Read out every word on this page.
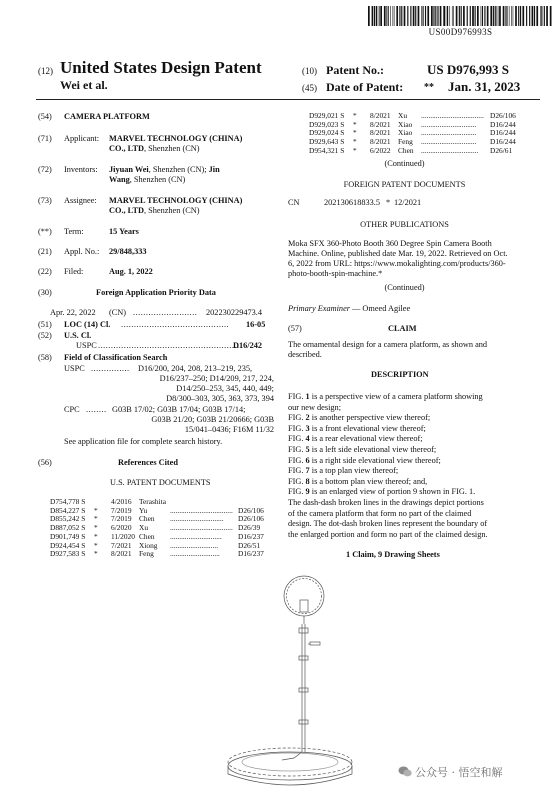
US00D976993S
(12) United States Design Patent
Wei et al.
(10) Patent No.:	US D976,993 S
(45) Date of Patent: ** Jan. 31, 2023
(54) CAMERA PLATFORM
(71) Applicant: MARVEL TECHNOLOGY (CHINA)
CO., LTD, Shenzhen (CN)
(72) Inventors: Jiyuan Wei, Shenzhen (CN); Jin
Wang, Shenzhen (CN)
(73) Assignee: MARVEL TECHNOLOGY (CHINA)
CO., LTD, Shenzhen (CN)
(**) Term:	15 Years
(21) Appl. No.: 29/848,333
(22) Filed:	Aug. 1, 2022
(30)	Foreign Application Priority Data
Apr. 22, 2022 (CN) ......................... 202230229473.4
(51) LOC (14) Cl. .......................................... 16-05
(52) U.S. Cl.
USPC .......................................................
D16/242
(58) Field of Classification Search
USPC ............... D16/200, 204, 208, 213–219, 235,
D16/237–250; D14/209, 217, 224,
D14/250–253, 345, 440, 449;
D8/300–303, 305, 363, 373, 394
CPC ........ G03B 17/02; G03B 17/04; G03B 17/14;
G03B 21/20; G03B 21/20666; G03B
15/041–0436; F16M 11/32
See application file for complete search history.
(56)	References Cited
U.S. PATENT DOCUMENTS
D754,778 S	4/2016 Terashita
D854,227 S * 7/2019 Yu	.................................. D26/106
D855,242 S * 7/2019 Chen ............................. D26/106
D887,052 S * 6/2020 Xu	.................................. D26/39
D901,749 S * 11/2020 Chen ............................ D16/237
D924,454 S * 7/2021 Xiong ..........................	D26/51
D927,583 S * 8/2021 Feng ........................... D16/237
D929,021 S * 8/2021 Xu .................................. D26/106
D929,023 S * 8/2021 Xiao .............................. D16/244
D929,024 S * 8/2021 Xiao .............................. D16/244
D929,643 S * 8/2021 Feng .............................. D16/244
D954,321 S * 6/2022 Chen ............................... D26/61
(Continued)
FOREIGN PATENT DOCUMENTS
CN	202130618833.5 * 12/2021
OTHER PUBLICATIONS
Moka SFX 360-Photo Booth 360 Degree Spin Camera Booth
Machine. Online, published date Mar. 19, 2022. Retrieved on Oct.
6, 2022 from URL: https://www.mokalighting.com/products/360-
photo-booth-spin-machine.*
(Continued)
Primary Examiner — Omeed Agilee
(57)	CLAIM
The ornamental design for a camera platform, as shown and
described.
DESCRIPTION
FIG. 1 is a perspective view of a camera platform showing
our new design;
FIG. 2 is another perspective view thereof;
FIG. 3 is a front elevational view thereof;
FIG. 4 is a rear elevational view thereof;
FIG. 5 is a left side elevational view thereof;
FIG. 6 is a right side elevational view thereof;
FIG. 7 is a top plan view thereof;
FIG. 8 is a bottom plan view thereof; and,
FIG. 9 is an enlarged view of portion 9 shown in FIG. 1.
The dash-dash broken lines in the drawings depict portions
of the camera platform that form no part of the claimed
design. The dot-dash broken lines represent the boundary of
the enlarged portion and form no part of the claimed design.
1 Claim, 9 Drawing Sheets
公众号 · 悟空和解
